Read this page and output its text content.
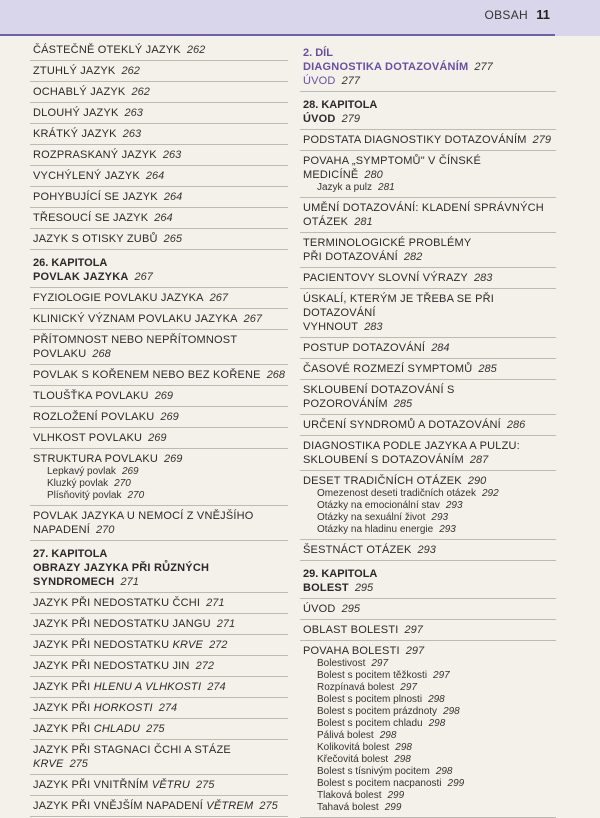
OBSAH 11
ČÁSTEČNĚ OTEKLÝ JAZYK 262
ZTUHLÝ JAZYK 262
OCHABLÝ JAZYK 262
DLOUHÝ JAZYK 263
KRÁTKÝ JAZYK 263
ROZPRASKANÝ JAZYK 263
VYCHÝLENÝ JAZYK 264
POHYBUJÍCÍ SE JAZYK 264
TŘESOUCÍ SE JAZYK 264
JAZYK S OTISKY ZUBŮ 265
26. KAPITOLA
POVLAK JAZYKA 267
FYZIOLOGIE POVLAKU JAZYKA 267
KLINICKÝ VÝZNAM POVLAKU JAZYKA 267
PŘÍTOMNOST NEBO NEPŘÍTOMNOST
POVLAKU 268
POVLAK S KOŘENEM NEBO BEZ KOŘENE 268
TLOUŠŤKA POVLAKU 269
ROZLOŽENÍ POVLAKU 269
VLHKOST POVLAKU 269
STRUKTURA POVLAKU 269
Lepkavý povlak 269
Kluzký povlak 270
Plísňovitý povlak 270
POVLAK JAZYKA U NEMOCÍ Z VNĚJŠÍHO
NAPADENÍ 270
27. KAPITOLA
OBRAZY JAZYKA PŘI RŮZNÝCH SYNDROMECH 271
JAZYK PŘI NEDOSTATKU ČCHI 271
JAZYK PŘI NEDOSTATKU JANGU 271
JAZYK PŘI NEDOSTATKU KRVE 272
JAZYK PŘI NEDOSTATKU JIN 272
JAZYK PŘI HLENU A VLHKOSTI 274
JAZYK PŘI HORKOSTI 274
JAZYK PŘI CHLADU 275
JAZYK PŘI STAGNACI ČCHI A STÁZE KRVE 275
JAZYK PŘI VNITŘNÍM VĚTRU 275
JAZYK PŘI VNĚJŠÍM NAPADENÍ VĚTREM 275
2. DÍL
DIAGNOSTIKA DOTAZOVÁNÍM 277
ÚVOD 277
28. KAPITOLA
ÚVOD 279
PODSTATA DIAGNOSTIKY DOTAZOVÁNÍM 279
POVAHA „SYMPTOMŮ" V ČÍNSKÉ MEDICÍNĚ 280
Jazyk a pulz 281
UMĚNÍ DOTAZOVÁNÍ: KLADENÍ SPRÁVNÝCH
OTÁZEK 281
TERMINOLOGICKÉ PROBLÉMY
PŘI DOTAZOVÁNÍ 282
PACIENTOVY SLOVNÍ VÝRAZY 283
ÚSKALÍ, KTERÝM JE TŘEBA SE PŘI DOTAZOVÁNÍ
VYHNOUT 283
POSTUP DOTAZOVÁNÍ 284
ČASOVÉ ROZMEZÍ SYMPTOMŮ 285
SKLOUBENÍ DOTAZOVÁNÍ S POZOROVÁNÍM 285
URČENÍ SYNDROMŮ A DOTAZOVÁNÍ 286
DIAGNOSTIKA PODLE JAZYKA A PULZU:
SKLOUBENÍ S DOTAZOVÁNÍM 287
DESET TRADIČNÍCH OTÁZEK 290
Omezenost deseti tradičních otázek 292
Otázky na emocionální stav 293
Otázky na sexuální život 293
Otázky na hladinu energie 293
ŠESTNÁCT OTÁZEK 293
29. KAPITOLA
BOLEST 295
ÚVOD 295
OBLAST BOLESTI 297
POVAHA BOLESTI 297
Bolestivost 297
Bolest s pocitem těžkosti 297
Rozpínavá bolest 297
Bolest s pocitem plnosti 298
Bolest s pocitem prázdnoty 298
Bolest s pocitem chladu 298
Pálivá bolest 298
Kolikovitá bolest 298
Křečovitá bolest 298
Bolest s tísnivým pocitem 298
Bolest s pocitem nacpanosti 299
Tlaková bolest 299
Tahavá bolest 299
